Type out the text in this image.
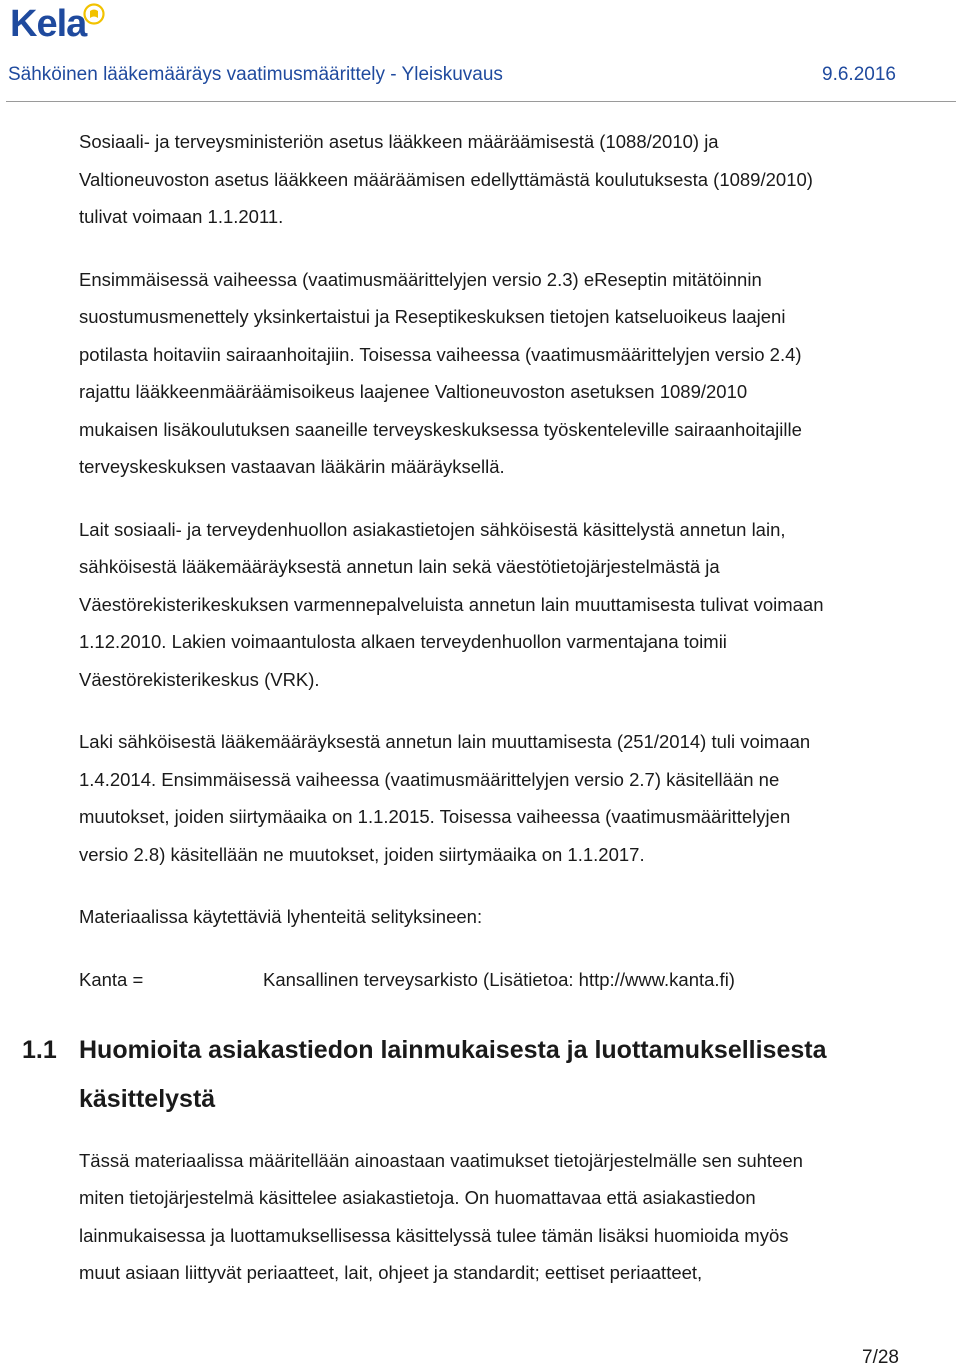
Kela
Sähköinen lääkemääräys vaatimusmäärittely - Yleiskuvaus	9.6.2016

Sosiaali- ja terveysministeriön asetus lääkkeen määräämisestä (1088/2010) ja
Valtioneuvoston asetus lääkkeen määräämisen edellyttämästä koulutuksesta (1089/2010)
tulivat voimaan 1.1.2011.

Ensimmäisessä vaiheessa (vaatimusmäärittelyjen versio 2.3) eReseptin mitätöinnin
suostumusmenettely yksinkertaistui ja Reseptikeskuksen tietojen katseluoikeus laajeni
potilasta hoitaviin sairaanhoitajiin. Toisessa vaiheessa (vaatimusmäärittelyjen versio 2.4)
rajattu lääkkeenmääräämisoikeus laajenee Valtioneuvoston asetuksen 1089/2010
mukaisen lisäkoulutuksen saaneille terveyskeskuksessa työskenteleville sairaanhoitajille
terveyskeskuksen vastaavan lääkärin määräyksellä.

Lait sosiaali- ja terveydenhuollon asiakastietojen sähköisestä käsittelystä annetun lain,
sähköisestä lääkemääräyksestä annetun lain sekä väestötietojärjestelmästä ja
Väestörekisterikeskuksen varmennepalveluista annetun lain muuttamisesta tulivat voimaan
1.12.2010. Lakien voimaantulosta alkaen terveydenhuollon varmentajana toimii
Väestörekisterikeskus (VRK).

Laki sähköisestä lääkemääräyksestä annetun lain muuttamisesta (251/2014) tuli voimaan
1.4.2014. Ensimmäisessä vaiheessa (vaatimusmäärittelyjen versio 2.7) käsitellään ne
muutokset, joiden siirtymäaika on 1.1.2015. Toisessa vaiheessa (vaatimusmäärittelyjen
versio 2.8) käsitellään ne muutokset, joiden siirtymäaika on 1.1.2017.

Materiaalissa käytettäviä lyhenteitä selityksineen:

Kanta =	Kansallinen terveysarkisto (Lisätietoa: http://www.kanta.fi)
1.1 Huomioita asiakastiedon lainmukaisesta ja luottamuksellisesta
käsittelystä

Tässä materiaalissa määritellään ainoastaan vaatimukset tietojärjestelmälle sen suhteen
miten tietojärjestelmä käsittelee asiakastietoja. On huomattavaa että asiakastiedon
lainmukaisessa ja luottamuksellisessa käsittelyssä tulee tämän lisäksi huomioida myös
muut asiaan liittyvät periaatteet, lait, ohjeet ja standardit; eettiset periaatteet,

7/28
